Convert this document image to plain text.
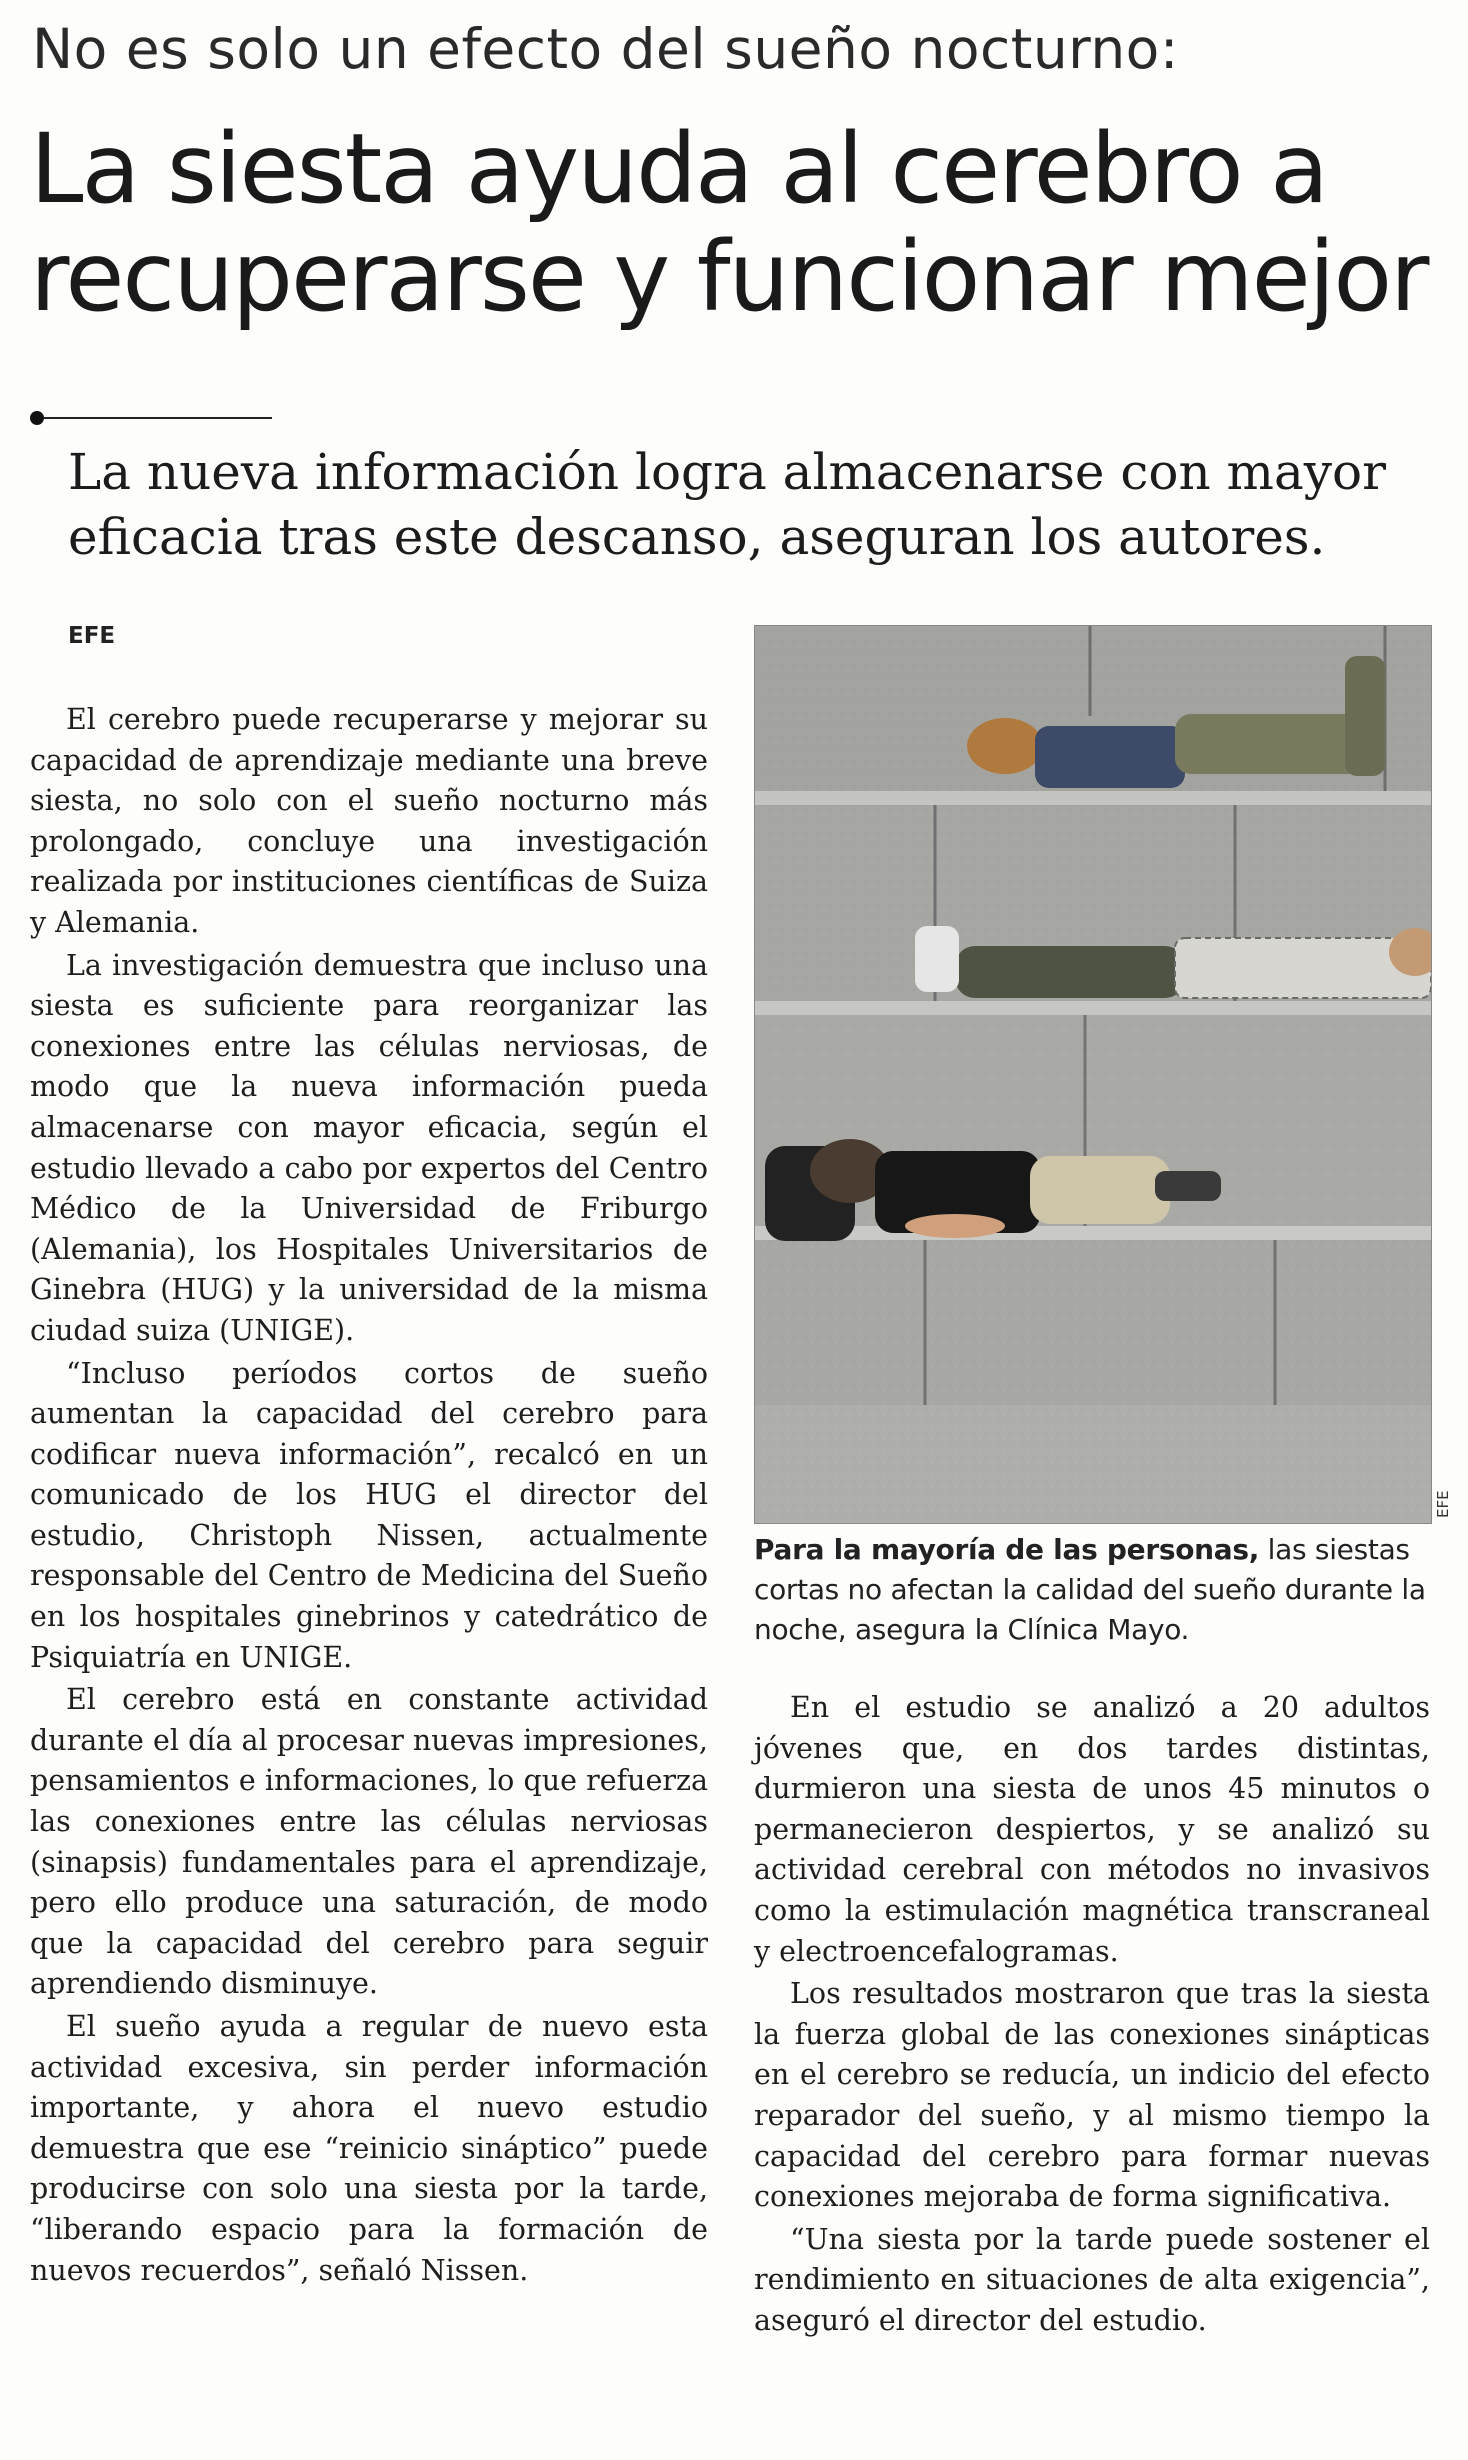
No es solo un efecto del sueño nocturno:
La siesta ayuda al cerebro a
recuperarse y funcionar mejor
La nueva información logra almacenarse con mayor
eficacia tras este descanso, aseguran los autores.
EFE

El cerebro puede recuperarse y mejorar su capacidad de aprendizaje mediante una breve siesta, no solo con el sueño nocturno más prolongado, concluye una investigación realizada por instituciones científicas de Suiza y Alemania.

La investigación demuestra que incluso una siesta es suficiente para reorganizar las conexiones entre las células nerviosas, de modo que la nueva información pueda almacenarse con mayor eficacia, según el estudio llevado a cabo por expertos del Centro Médico de la Universidad de Friburgo (Alemania), los Hospitales Universitarios de Ginebra (HUG) y la universidad de la misma ciudad suiza (UNIGE).

“Incluso períodos cortos de sueño aumentan la capacidad del cerebro para codificar nueva información”, recalcó en un comunicado de los HUG el director del estudio, Christoph Nissen, actualmente responsable del Centro de Medicina del Sueño en los hospitales ginebrinos y catedrático de Psiquiatría en UNIGE.

El cerebro está en constante actividad durante el día al procesar nuevas impresiones, pensamientos e informaciones, lo que refuerza las conexiones entre las células nerviosas (sinapsis) fundamentales para el aprendizaje, pero ello produce una saturación, de modo que la capacidad del cerebro para seguir aprendiendo disminuye.

El sueño ayuda a regular de nuevo esta actividad excesiva, sin perder información importante, y ahora el nuevo estudio demuestra que ese “reinicio sináptico” puede producirse con solo una siesta por la tarde, “liberando espacio para la formación de nuevos recuerdos”, señaló Nissen.

EFE
Para la mayoría de las personas, las siestas cortas no afectan la calidad del sueño durante la noche, asegura la Clínica Mayo.

En el estudio se analizó a 20 adultos jóvenes que, en dos tardes distintas, durmieron una siesta de unos 45 minutos o permanecieron despiertos, y se analizó su actividad cerebral con métodos no invasivos como la estimulación magnética transcraneal y electroencefalogramas.

Los resultados mostraron que tras la siesta la fuerza global de las conexiones sinápticas en el cerebro se reducía, un indicio del efecto reparador del sueño, y al mismo tiempo la capacidad del cerebro para formar nuevas conexiones mejoraba de forma significativa.

“Una siesta por la tarde puede sostener el rendimiento en situaciones de alta exigencia”, aseguró el director del estudio.
